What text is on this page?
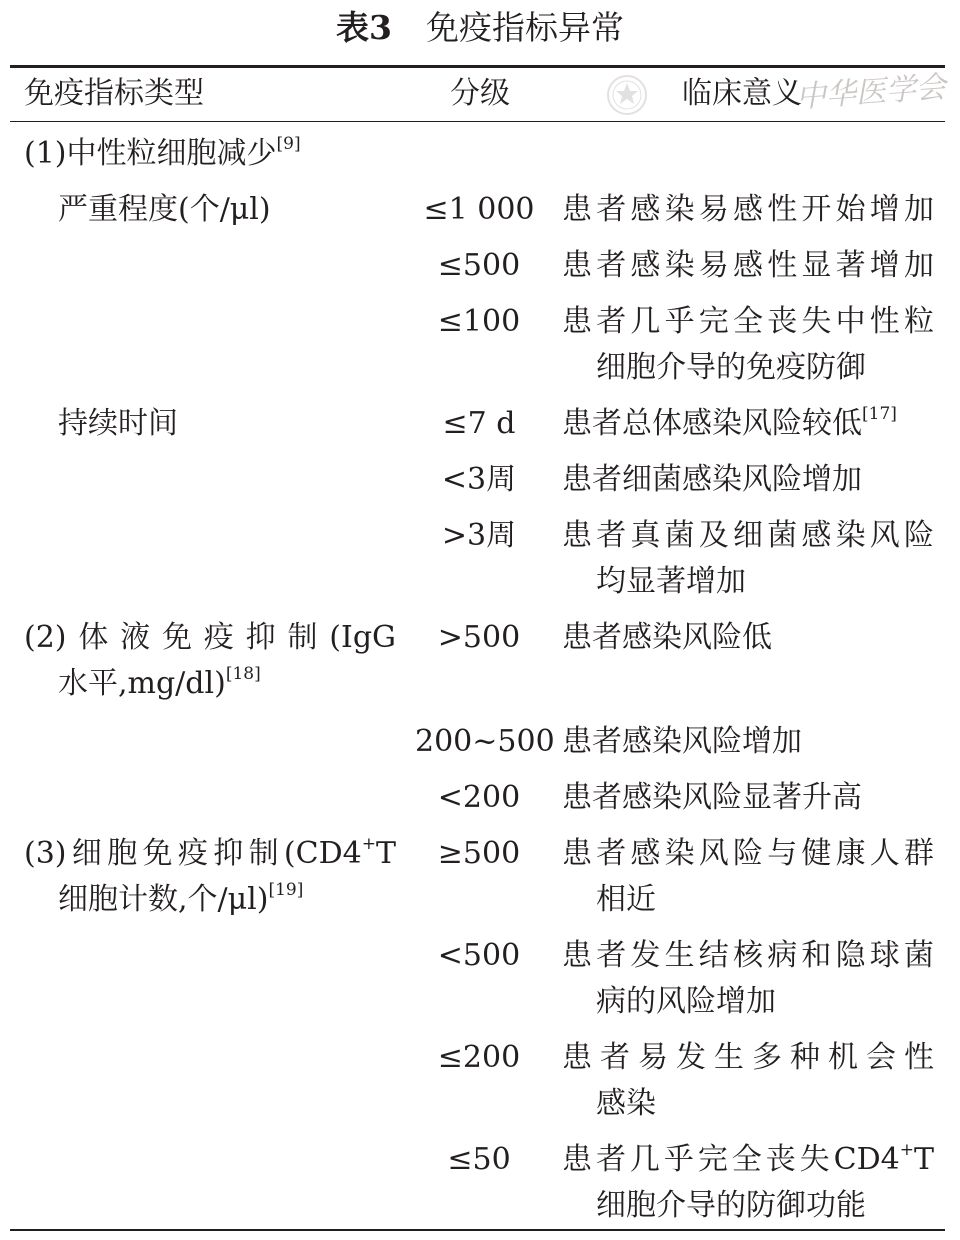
表3 免疫指标异常
免疫指标类型	分级	临床意义
中华医学会
(1)中性粒细胞减少[9]
严重程度(个/μl)	≤1 000 患者感染易感性开始增加
≤500	患者感染易感性显著增加
≤100	患者几乎完全丧失中性粒
细胞介导的免疫防御
持续时间	≤7 d	患者总体感染风险较低[17]
<3周	患者细菌感染风险增加
>3周	患者真菌及细菌感染风险
均显著增加
(2)体液免疫抑制(IgG
水平,mg/dl)[18]
>500	患者感染风险低
200~500 患者感染风险增加
<200	患者感染风险显著升高
(3)细胞免疫抑制(CD4+T
细胞计数,个/μl)[19]
≥500	患者感染风险与健康人群
相近
<500	患者发生结核病和隐球菌
病的风险增加
≤200	患者易发生多种机会性
感染
≤50	患者几乎完全丧失CD4+T
细胞介导的防御功能
